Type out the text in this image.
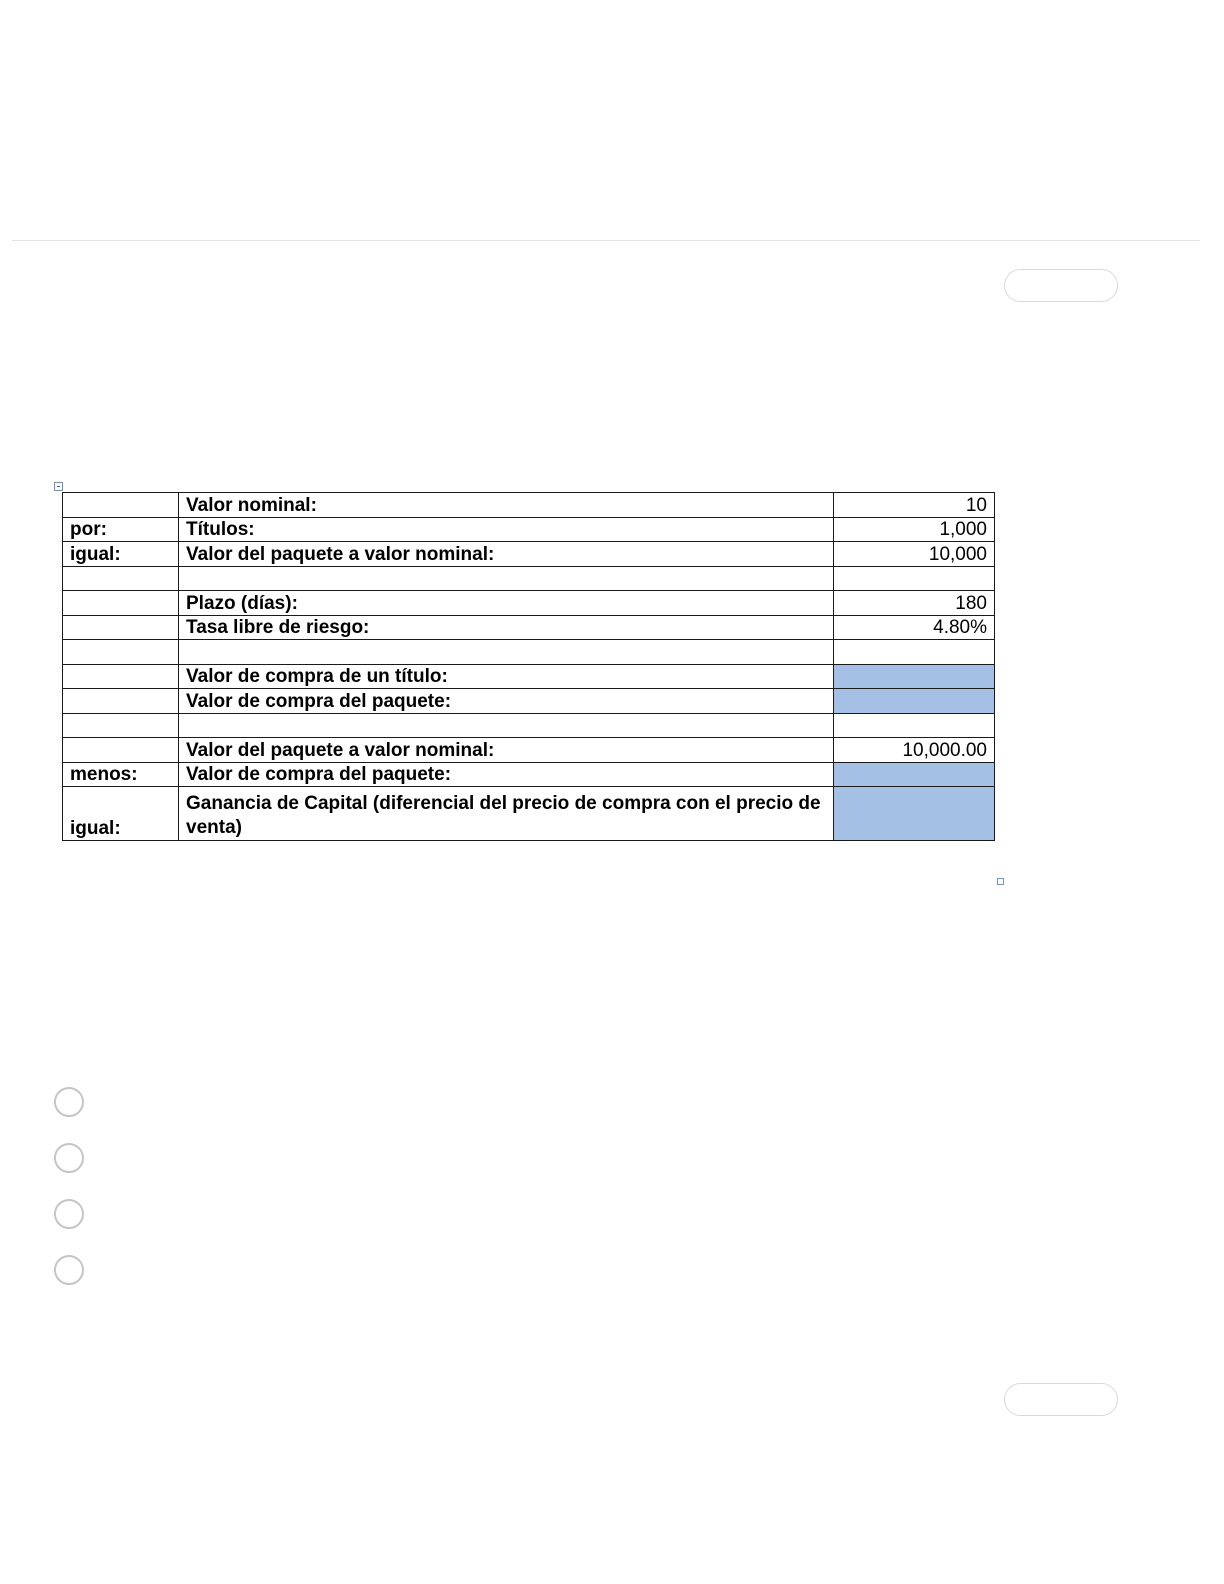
	Valor nominal:	10
por:	Títulos:	1,000
igual:	Valor del paquete a valor nominal:	10,000

	Plazo (días):	180
	Tasa libre de riesgo:	4.80%

	Valor de compra de un título:	
	Valor de compra del paquete:	

	Valor del paquete a valor nominal:	10,000.00
menos:	Valor de compra del paquete:	
igual:	Ganancia de Capital (diferencial del precio de compra con el precio de venta)	
